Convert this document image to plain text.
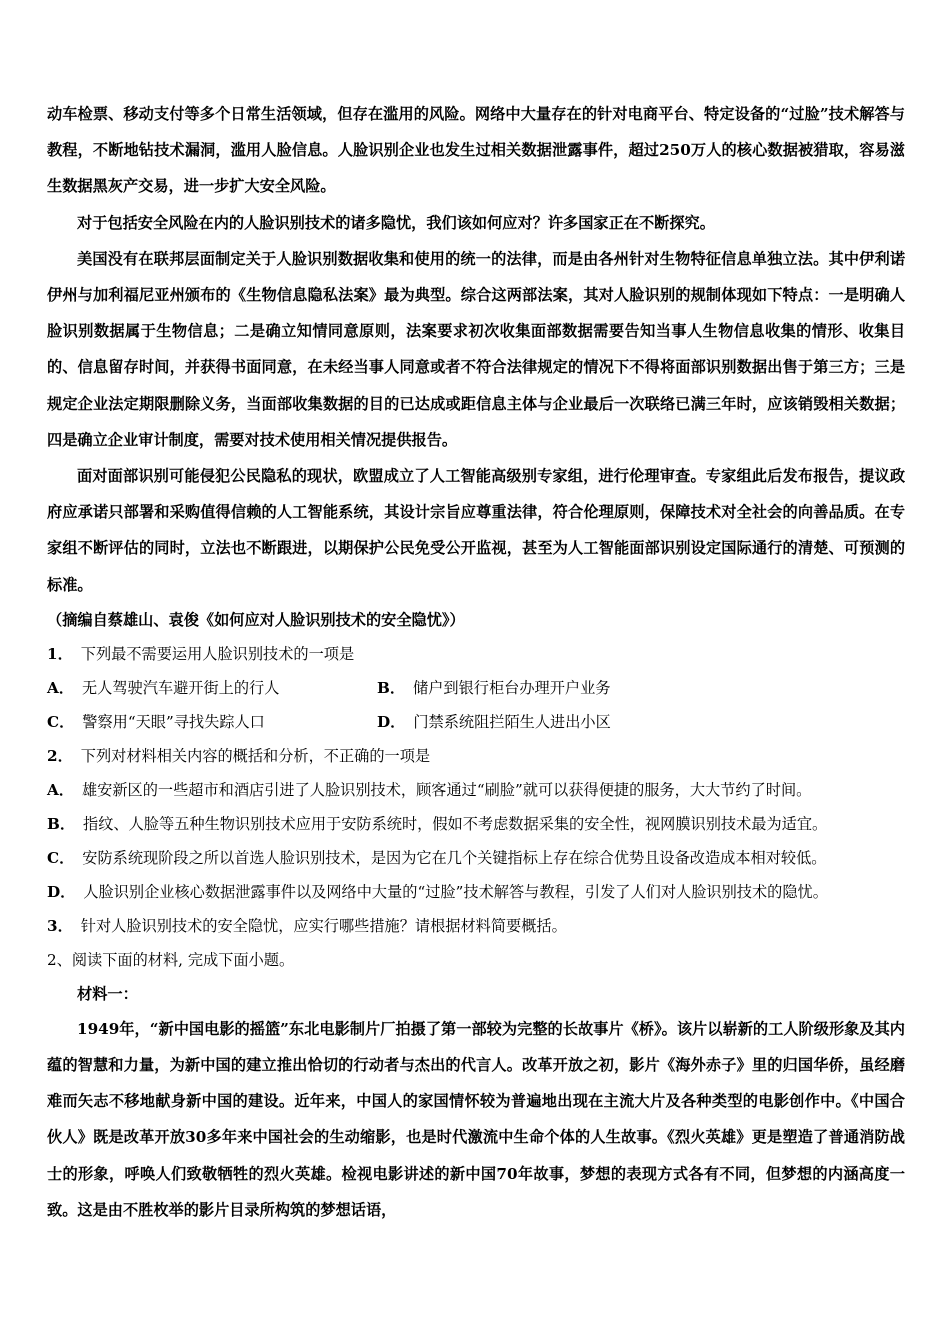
动车检票、移动支付等多个日常生活领域，但存在滥用的风险。网络中大量存在的针对电商平台、特定设备的“过脸”技术解答与教程，不断地钻技术漏洞，滥用人脸信息。人脸识别企业也发生过相关数据泄露事件，超过250万人的核心数据被猎取，容易滋生数据黑灰产交易，进一步扩大安全风险。

对于包括安全风险在内的人脸识别技术的诸多隐忧，我们该如何应对？许多国家正在不断探究。

美国没有在联邦层面制定关于人脸识别数据收集和使用的统一的法律，而是由各州针对生物特征信息单独立法。其中伊利诺伊州与加利福尼亚州颁布的《生物信息隐私法案》最为典型。综合这两部法案，其对人脸识别的规制体现如下特点：一是明确人脸识别数据属于生物信息；二是确立知情同意原则，法案要求初次收集面部数据需要告知当事人生物信息收集的情形、收集目的、信息留存时间，并获得书面同意，在未经当事人同意或者不符合法律规定的情况下不得将面部识别数据出售于第三方；三是规定企业法定期限删除义务，当面部收集数据的目的已达成或距信息主体与企业最后一次联络已满三年时，应该销毁相关数据；四是确立企业审计制度，需要对技术使用相关情况提供报告。

面对面部识别可能侵犯公民隐私的现状，欧盟成立了人工智能高级别专家组，进行伦理审查。专家组此后发布报告，提议政府应承诺只部署和采购值得信赖的人工智能系统，其设计宗旨应尊重法律，符合伦理原则，保障技术对全社会的向善品质。在专家组不断评估的同时，立法也不断跟进，以期保护公民免受公开监视，甚至为人工智能面部识别设定国际通行的清楚、可预测的标准。

（摘编自蔡雄山、袁俊《如何应对人脸识别技术的安全隐忧》）

1． 下列最不需要运用人脸识别技术的一项是

A． 无人驾驶汽车避开街上的行人	B． 储户到银行柜台办理开户业务
C． 警察用“天眼”寻找失踪人口	D． 门禁系统阻拦陌生人进出小区

2． 下列对材料相关内容的概括和分析，不正确的一项是

A． 雄安新区的一些超市和酒店引进了人脸识别技术，顾客通过“刷脸”就可以获得便捷的服务，大大节约了时间。

B． 指纹、人脸等五种生物识别技术应用于安防系统时，假如不考虑数据采集的安全性，视网膜识别技术最为适宜。

C． 安防系统现阶段之所以首选人脸识别技术，是因为它在几个关键指标上存在综合优势且设备改造成本相对较低。

D． 人脸识别企业核心数据泄露事件以及网络中大量的“过脸”技术解答与教程，引发了人们对人脸识别技术的隐忧。

3． 针对人脸识别技术的安全隐忧，应实行哪些措施？请根据材料简要概括。

2、阅读下面的材料, 完成下面小题。

材料一：

1949年，“新中国电影的摇篮”东北电影制片厂拍摄了第一部较为完整的长故事片《桥》。该片以崭新的工人阶级形象及其内蕴的智慧和力量，为新中国的建立推出恰切的行动者与杰出的代言人。改革开放之初，影片《海外赤子》里的归国华侨，虽经磨难而矢志不移地献身新中国的建设。近年来，中国人的家国情怀较为普遍地出现在主流大片及各种类型的电影创作中。《中国合伙人》既是改革开放30多年来中国社会的生动缩影，也是时代激流中生命个体的人生故事。《烈火英雄》更是塑造了普通消防战士的形象，呼唤人们致敬牺牲的烈火英雄。检视电影讲述的新中国70年故事，梦想的表现方式各有不同，但梦想的内涵高度一致。这是由不胜枚举的影片目录所构筑的梦想话语，
